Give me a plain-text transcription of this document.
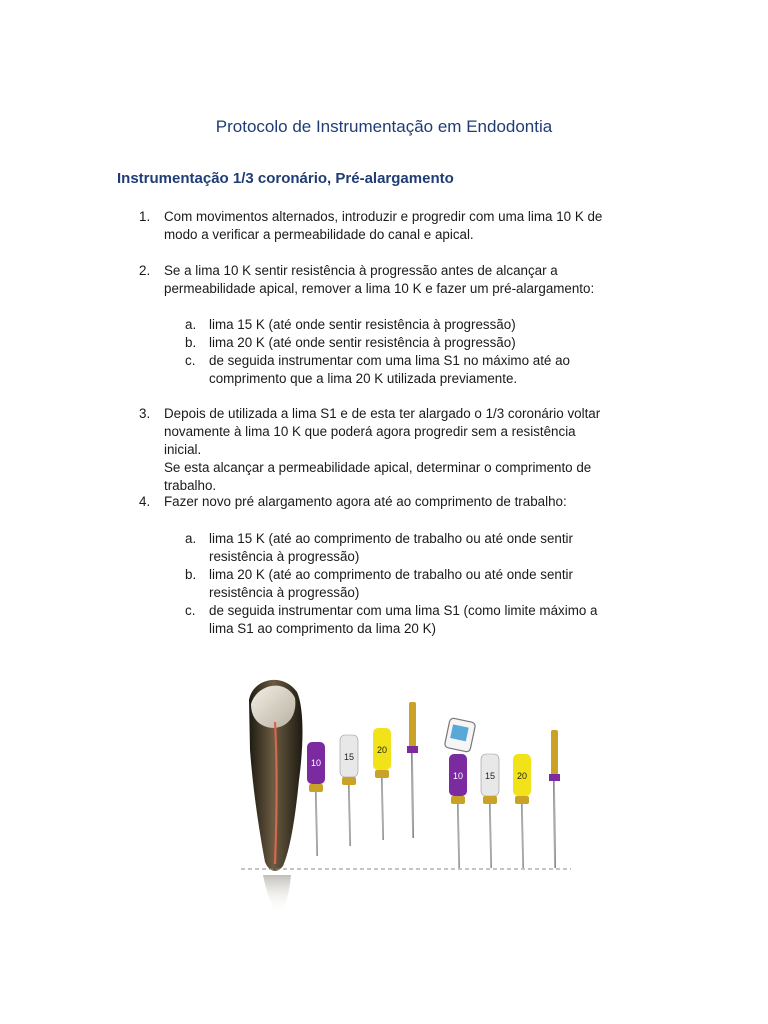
Protocolo de Instrumentação em Endodontia
Instrumentação 1/3 coronário, Pré-alargamento
1. Com movimentos alternados, introduzir e progredir com uma lima 10 K de
modo a verificar a permeabilidade do canal e apical.
2. Se a lima 10 K sentir resistência à progressão antes de alcançar a
permeabilidade apical, remover a lima 10 K e fazer um pré-alargamento:
a. lima 15 K (até onde sentir resistência à progressão)
b. lima 20 K (até onde sentir resistência à progressão)
c. de seguida instrumentar com uma lima S1 no máximo até ao
comprimento que a lima 20 K utilizada previamente.
3. Depois de utilizada a lima S1 e de esta ter alargado o 1/3 coronário voltar
novamente à lima 10 K que poderá agora progredir sem a resistência inicial.
Se esta alcançar a permeabilidade apical, determinar o comprimento de
trabalho.
4. Fazer novo pré alargamento agora até ao comprimento de trabalho:
a. lima 15 K (até ao comprimento de trabalho ou até onde sentir
resistência à progressão)
b. lima 20 K (até ao comprimento de trabalho ou até onde sentir
resistência à progressão)
c. de seguida instrumentar com uma lima S1 (como limite máximo a
lima S1 ao comprimento da lima 20 K)
10
15
20
10 15 20
